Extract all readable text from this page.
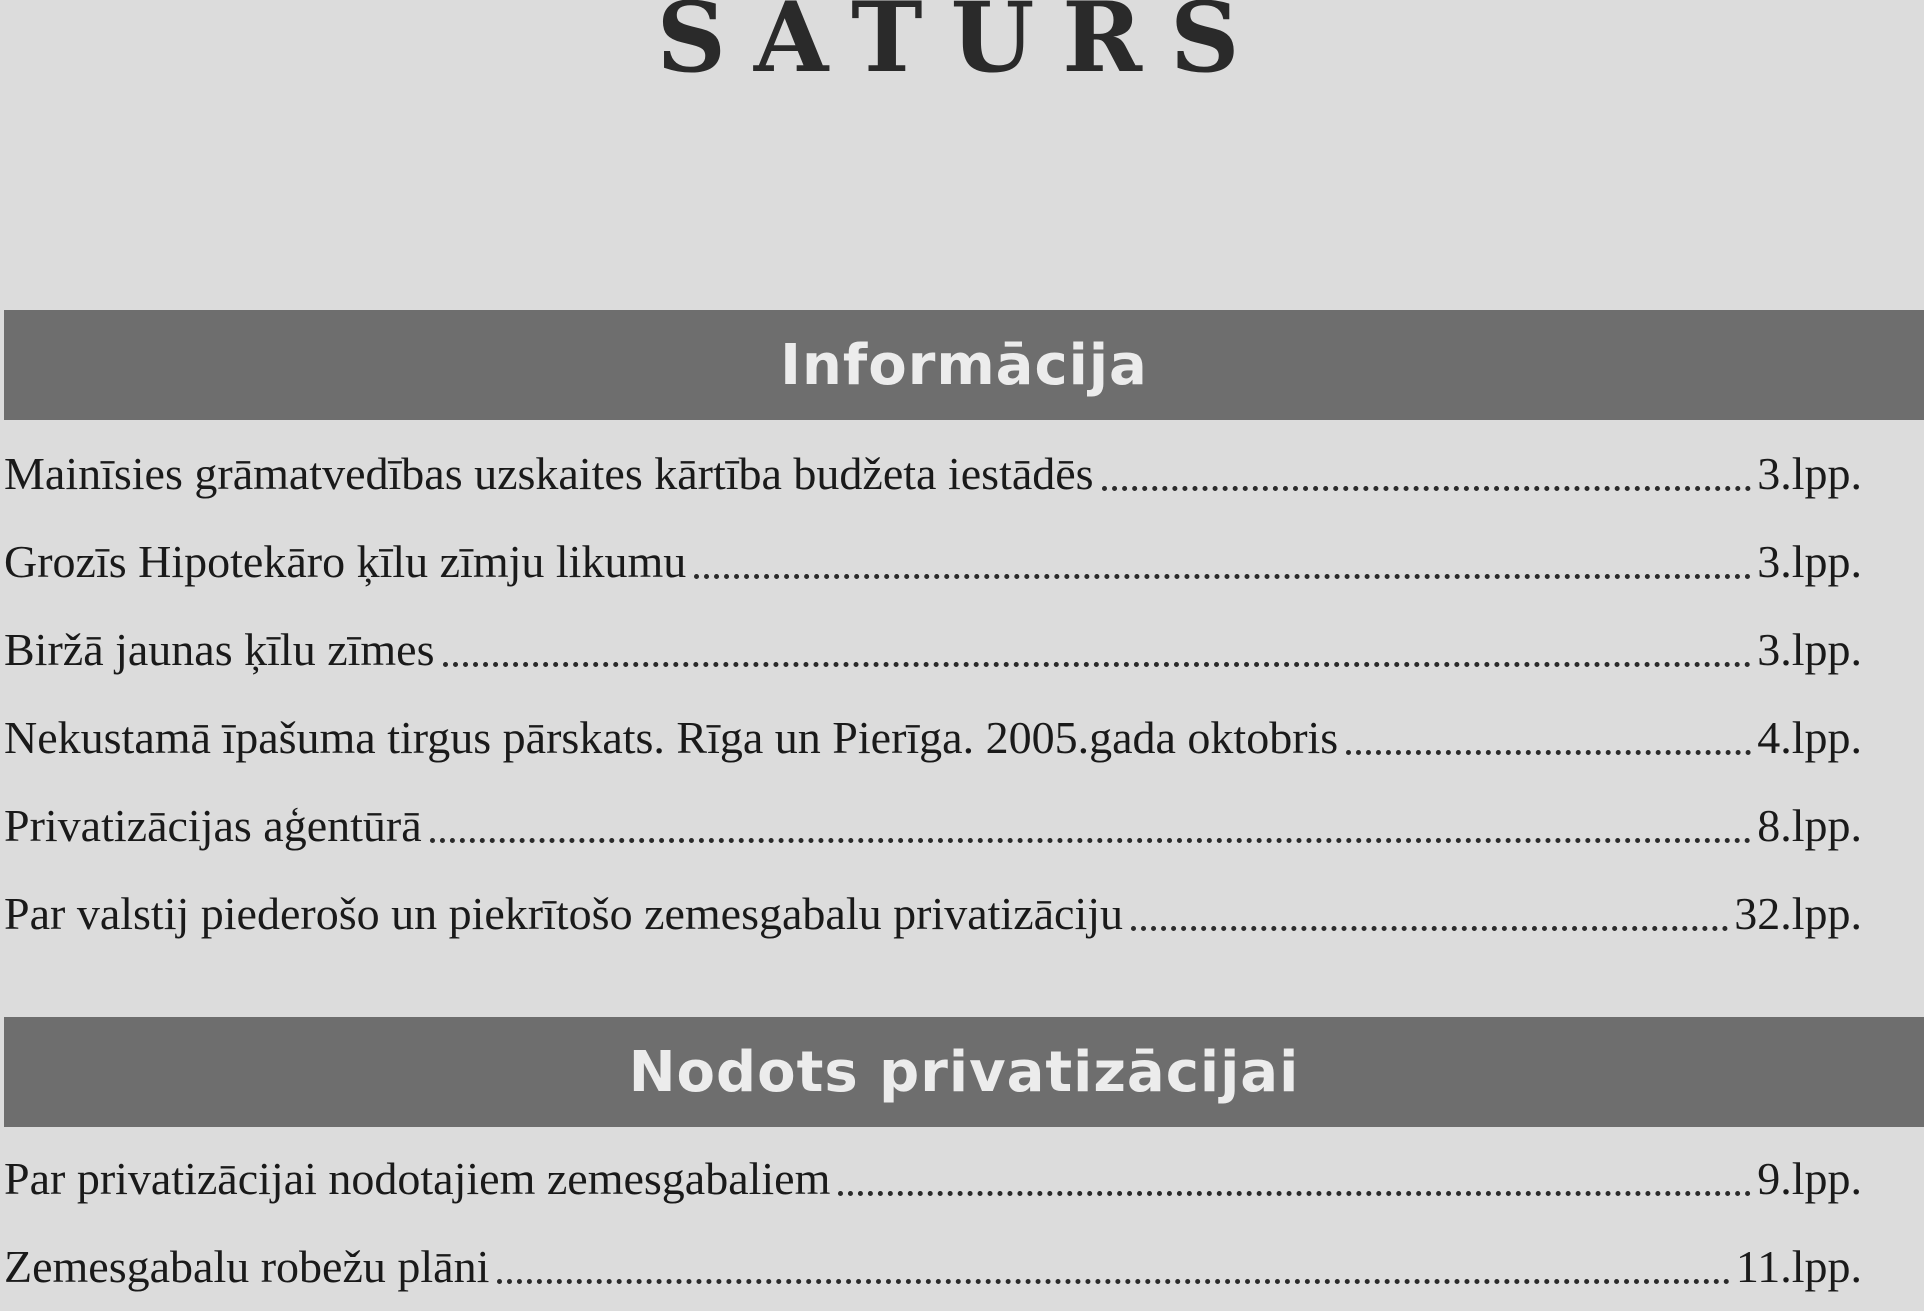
SATURS
Informācija
Mainīsies grāmatvedības uzskaites kārtība budžeta iestādēs	3.lpp.
Grozīs Hipotekāro ķīlu zīmju likumu	3.lpp.
Biržā jaunas ķīlu zīmes	3.lpp.
Nekustamā īpašuma tirgus pārskats. Rīga un Pierīga. 2005.gada oktobris	4.lpp.
Privatizācijas aģentūrā	8.lpp.
Par valstij piederošo un piekrītošo zemesgabalu privatizāciju	32.lpp.
Nodots privatizācijai
Par privatizācijai nodotajiem zemesgabaliem	9.lpp.
Zemesgabalu robežu plāni	11.lpp.
